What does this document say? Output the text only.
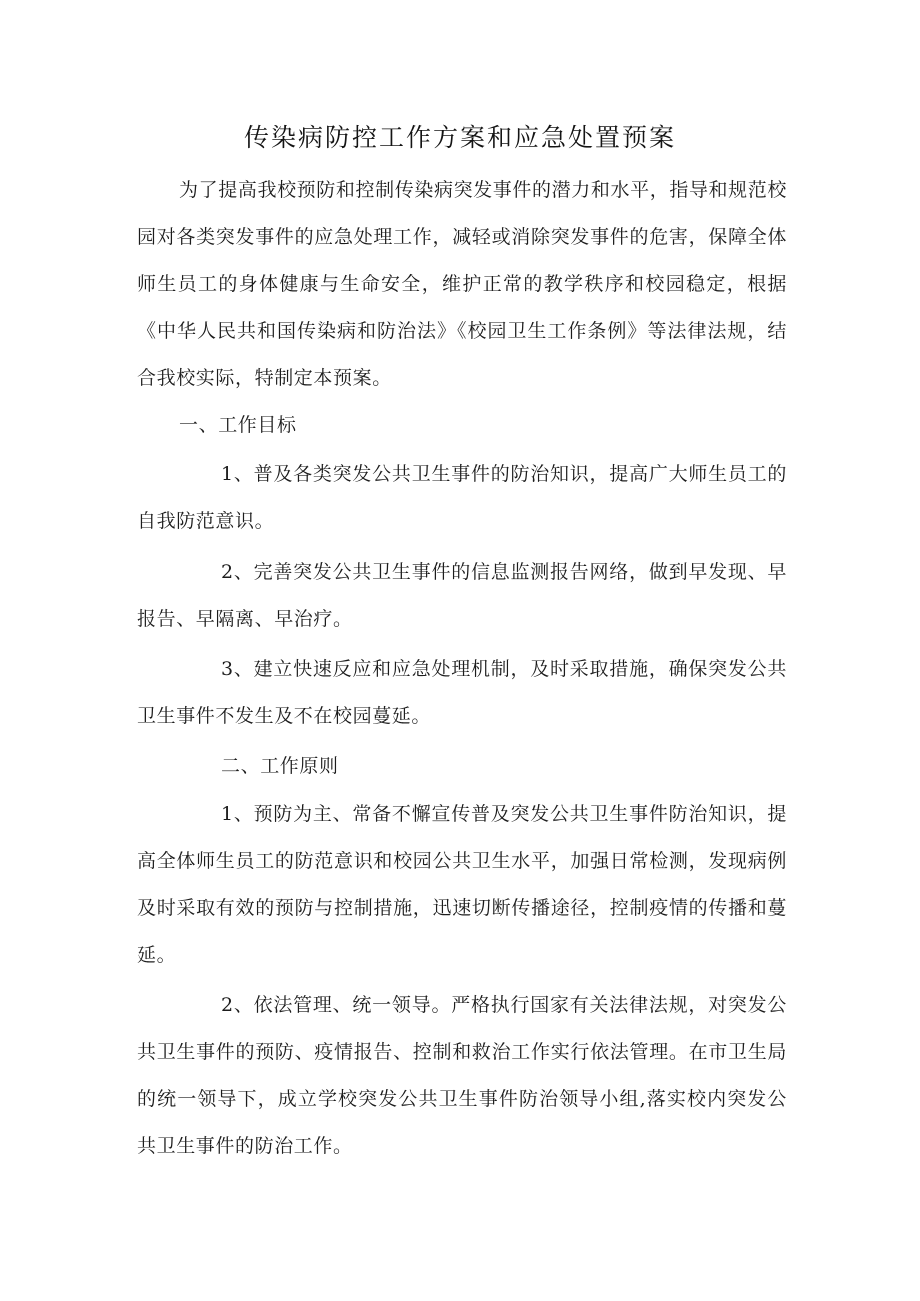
传染病防控工作方案和应急处置预案

为了提高我校预防和控制传染病突发事件的潜力和水平，指导和规范校园对各类突发事件的应急处理工作，减轻或消除突发事件的危害，保障全体师生员工的身体健康与生命安全，维护正常的教学秩序和校园稳定，根据《中华人民共和国传染病和防治法》《校园卫生工作条例》等法律法规，结合我校实际，特制定本预案。

一、工作目标

1、普及各类突发公共卫生事件的防治知识，提高广大师生员工的自我防范意识。

2、完善突发公共卫生事件的信息监测报告网络，做到早发现、早报告、早隔离、早治疗。

3、建立快速反应和应急处理机制，及时采取措施，确保突发公共卫生事件不发生及不在校园蔓延。

二、工作原则

1、预防为主、常备不懈宣传普及突发公共卫生事件防治知识，提高全体师生员工的防范意识和校园公共卫生水平，加强日常检测，发现病例及时采取有效的预防与控制措施，迅速切断传播途径，控制疫情的传播和蔓延。

2、依法管理、统一领导。严格执行国家有关法律法规，对突发公共卫生事件的预防、疫情报告、控制和救治工作实行依法管理。在市卫生局的统一领导下，成立学校突发公共卫生事件防治领导小组,落实校内突发公共卫生事件的防治工作。
